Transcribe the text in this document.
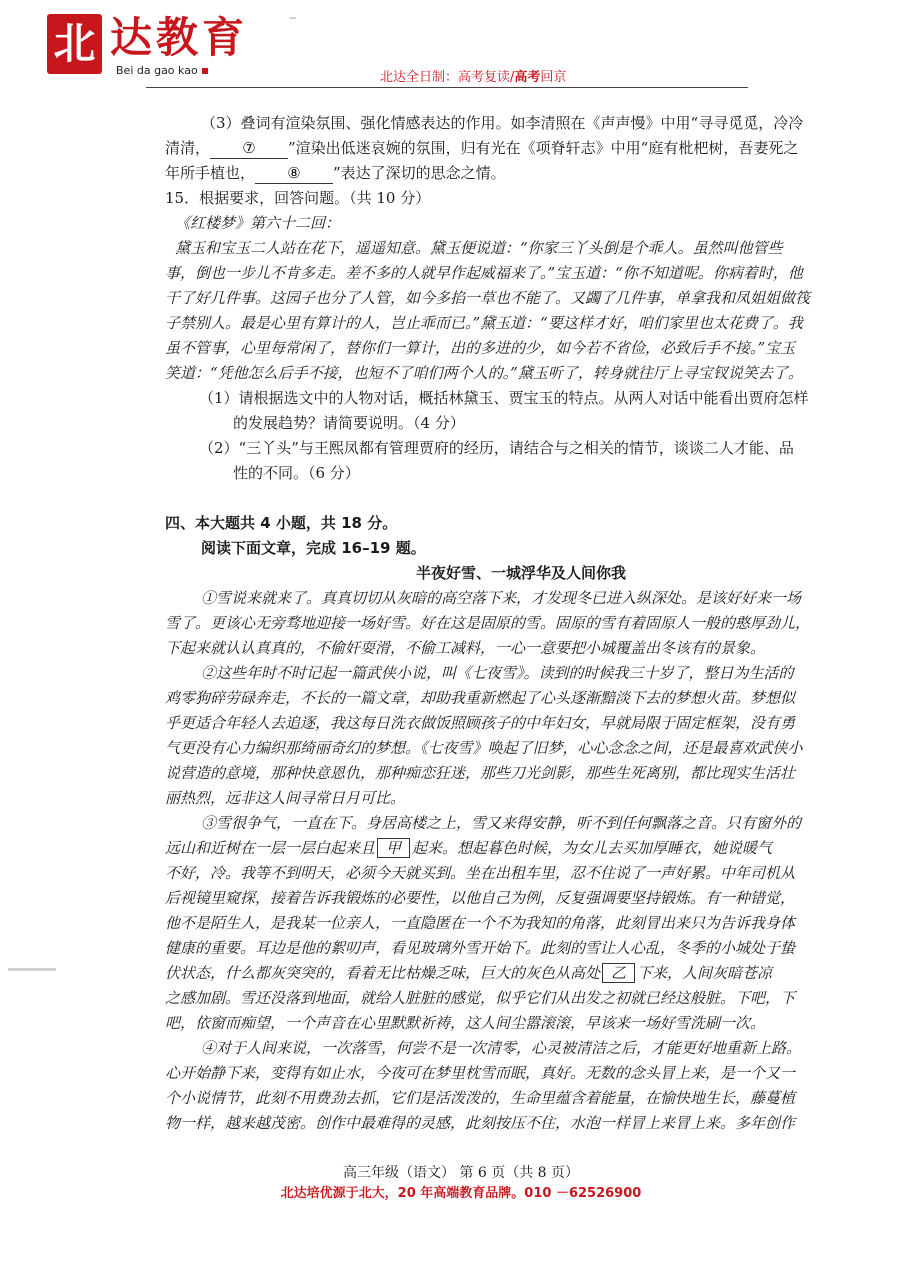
北 达教育
Bei da gao kao	北达全日制：高考复读/高考回京
（3）叠词有渲染氛围、强化情感表达的作用。如李清照在《声声慢》中用“寻寻觅觅，冷冷
清清， ⑦ ”渲染出低迷哀婉的氛围，归有光在《项脊轩志》中用“庭有枇杷树，吾妻死之
年所手植也， ⑧ ”表达了深切的思念之情。
15．根据要求，回答问题。（共 10 分）
《红楼梦》第六十二回：
黛玉和宝玉二人站在花下，遥遥知意。黛玉便说道：“你家三丫头倒是个乖人。虽然叫他管些
事，倒也一步儿不肯多走。差不多的人就早作起威福来了。”宝玉道：“你不知道呢。你病着时，他
干了好几件事。这园子也分了人管，如今多掐一草也不能了。又蠲了几件事，单拿我和凤姐姐做筏
子禁别人。最是心里有算计的人，岂止乖而已。”黛玉道：“要这样才好，咱们家里也太花费了。我
虽不管事，心里每常闲了，替你们一算计，出的多进的少，如今若不省俭，必致后手不接。”宝玉
笑道：“凭他怎么后手不接，也短不了咱们两个人的。”黛玉听了，转身就往厅上寻宝钗说笑去了。
（1）请根据选文中的人物对话，概括林黛玉、贾宝玉的特点。从两人对话中能看出贾府怎样
的发展趋势？请简要说明。（4 分）
（2）“三丫头”与王熙凤都有管理贾府的经历，请结合与之相关的情节，谈谈二人才能、品
性的不同。（6 分）
四、本大题共 4 小题，共 18 分。
阅读下面文章，完成 16–19 题。
半夜好雪、一城浮华及人间你我
①雪说来就来了。真真切切从灰暗的高空落下来，才发现冬已进入纵深处。是该好好来一场
雪了。更该心无旁骛地迎接一场好雪。好在这是固原的雪。固原的雪有着固原人一般的憨厚劲儿，
下起来就认认真真的，不偷奸耍滑，不偷工减料，一心一意要把小城覆盖出冬该有的景象。
②这些年时不时记起一篇武侠小说，叫《七夜雪》。读到的时候我三十岁了，整日为生活的
鸡零狗碎劳碌奔走，不长的一篇文章，却助我重新燃起了心头逐渐黯淡下去的梦想火苗。梦想似
乎更适合年轻人去追逐，我这每日洗衣做饭照顾孩子的中年妇女，早就局限于固定框架，没有勇
气更没有心力编织那绮丽奇幻的梦想。《七夜雪》唤起了旧梦，心心念念之间，还是最喜欢武侠小
说营造的意境，那种快意恩仇，那种痴恋狂迷，那些刀光剑影，那些生死离别，都比现实生活壮
丽热烈，远非这人间寻常日月可比。
③雪很争气，一直在下。身居高楼之上，雪又来得安静，听不到任何飘落之音。只有窗外的
远山和近树在一层一层白起来且 甲 起来。想起暮色时候，为女儿去买加厚睡衣，她说暖气
不好，冷。我等不到明天，必须今天就买到。坐在出租车里，忍不住说了一声好累。中年司机从
后视镜里窥探，接着告诉我锻炼的必要性，以他自己为例，反复强调要坚持锻炼。有一种错觉，
他不是陌生人，是我某一位亲人，一直隐匿在一个不为我知的角落，此刻冒出来只为告诉我身体
健康的重要。耳边是他的絮叨声，看见玻璃外雪开始下。此刻的雪让人心乱，冬季的小城处于蛰
伏状态，什么都灰突突的，看着无比枯燥乏味，巨大的灰色从高处 乙 下来，人间灰暗苍凉
之感加剧。雪还没落到地面，就给人脏脏的感觉，似乎它们从出发之初就已经这般脏。下吧，下
吧，依窗而痴望，一个声音在心里默默祈祷，这人间尘嚣滚滚，早该来一场好雪洗刷一次。
④对于人间来说，一次落雪，何尝不是一次清零，心灵被清洁之后，才能更好地重新上路。
心开始静下来，变得有如止水，今夜可在梦里枕雪而眠，真好。无数的念头冒上来，是一个又一
个小说情节，此刻不用费劲去抓，它们是活泼泼的，生命里蕴含着能量，在愉快地生长，藤蔓植
物一样，越来越茂密。创作中最难得的灵感，此刻按压不住，水泡一样冒上来冒上来。多年创作
高三年级（语文） 第 6 页（共 8 页）
北达培优源于北大，20 年高端教育品牌。010 －62526900
